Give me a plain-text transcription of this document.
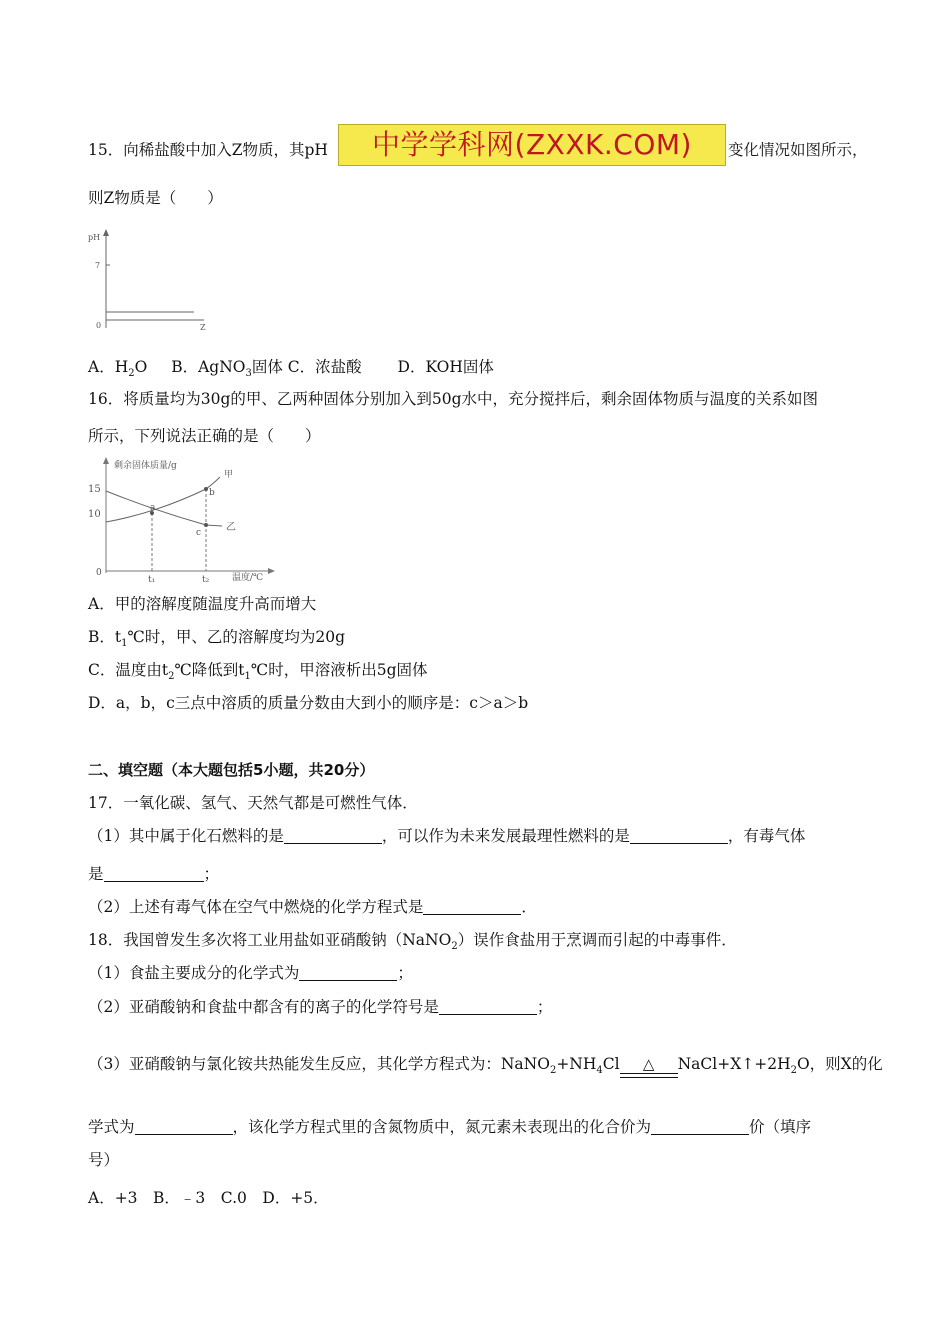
中学学科网(ZXXK.COM)
15．向稀盐酸中加入Z物质，其pH	变化情况如图所示，
则Z物质是（　　）
pH
7
0	Z
A．$H_2O$ B．AgNO$_3$固体 C．浓盐酸 D．KOH固体
16．将质量均为30g的甲、乙两种固体分别加入到50g水中，充分搅拌后，剩余固体物质与温度的关系如图
所示，下列说法正确的是（　　）
剩余固体质量/g
15
10
0
t₁	t₂	温度/℃
a
b
c
甲
乙
A．甲的溶解度随温度升高而增大
B．$t_1℃$时，甲、乙的溶解度均为20g
C．温度由$t_2℃$降低到$t_1℃$时，甲溶液析出5g固体
D．a，b，c三点中溶质的质量分数由大到小的顺序是：c＞a＞b
二、填空题（本大题包括5小题，共20分）
17．一氧化碳、氢气、天然气都是可燃性气体．
（1）其中属于化石燃料的是	，可以作为未来发展最理性燃料的是	，有毒气体
是	；
（2）上述有毒气体在空气中燃烧的化学方程式是	．
18．我国曾发生多次将工业用盐如亚硝酸钠（NaNO$_2$）误作食盐用于烹调而引起的中毒事件．
（1）食盐主要成分的化学式为	；
（2）亚硝酸钠和食盐中都含有的离子的化学符号是	；
（3）亚硝酸钠与氯化铵共热能发生反应，其化学方程式为：$NaNO_2+NH_4Cl$ △ $NaCl+X↑+2H_2O$，则X的化
学式为	，该化学方程式里的含氮物质中，氮元素未表现出的化合价为	价（填序
号）
A．+3　B．﹣3　C.0　D．+5．
